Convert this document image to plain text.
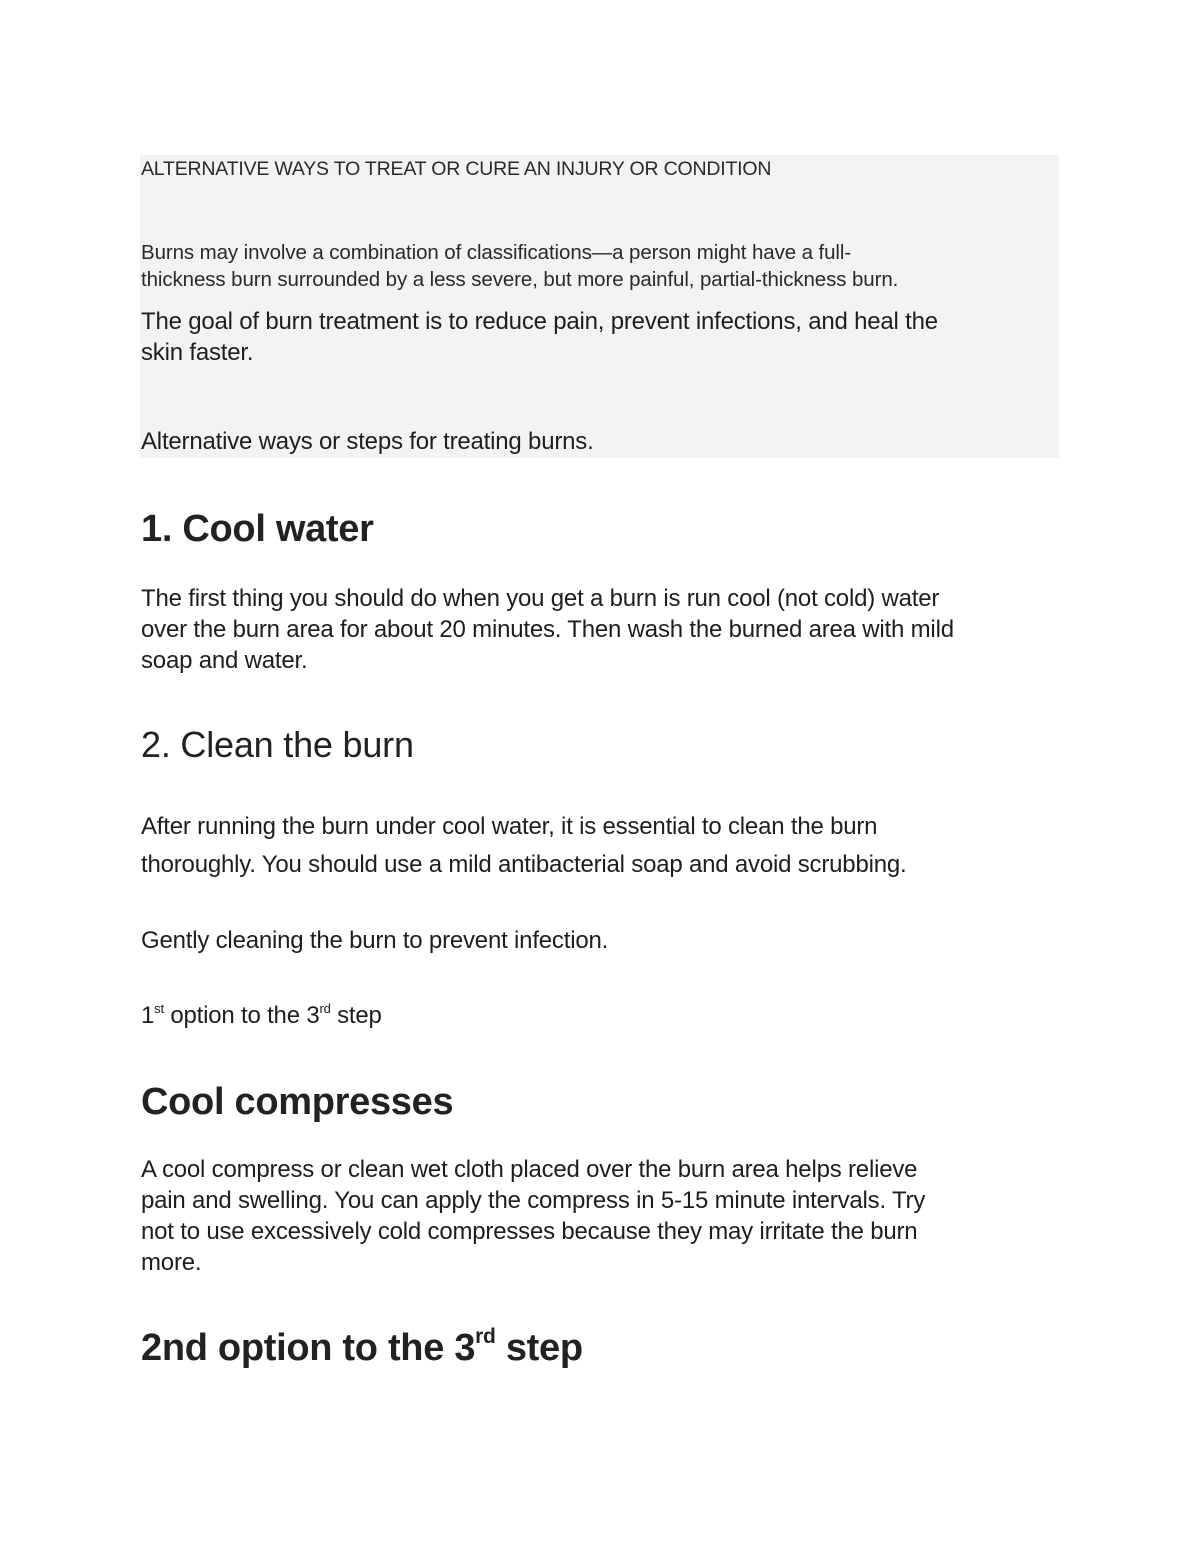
ALTERNATIVE WAYS TO TREAT OR CURE AN INJURY OR CONDITION

Burns may involve a combination of classifications—a person might have a full-
thickness burn surrounded by a less severe, but more painful, partial-thickness burn.

The goal of burn treatment is to reduce pain, prevent infections, and heal the
skin faster.

Alternative ways or steps for treating burns.

1. Cool water

The first thing you should do when you get a burn is run cool (not cold) water
over the burn area for about 20 minutes. Then wash the burned area with mild
soap and water.

2. Clean the burn

After running the burn under cool water, it is essential to clean the burn
thoroughly. You should use a mild antibacterial soap and avoid scrubbing.

Gently cleaning the burn to prevent infection.

1st option to the 3rd step

Cool compresses

A cool compress or clean wet cloth placed over the burn area helps relieve
pain and swelling. You can apply the compress in 5-15 minute intervals. Try
not to use excessively cold compresses because they may irritate the burn
more.

2nd option to the 3rd step
